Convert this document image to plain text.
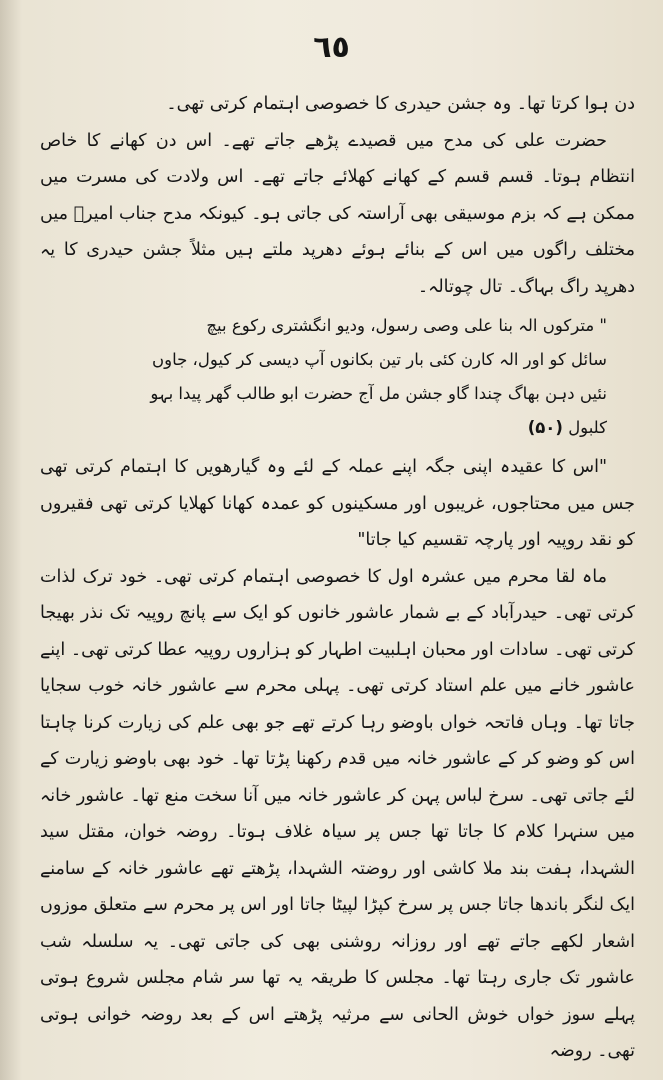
٦٥

دن ہوا کرتا تھا۔ وہ جشن حیدری کا خصوصی اہتمام کرتی تھی۔

حضرت علی کی مدح میں قصیدے پڑھے جاتے تھے۔ اس دن کھانے کا خاص انتظام ہوتا۔ قسم قسم کے کھانے کھلائے جاتے تھے۔ اس ولادت کی مسرت میں ممکن ہے کہ بزم موسیقی بھی آراستہ کی جاتی ہو۔ کیونکہ مدح جناب امیرؑ میں مختلف راگوں میں اس کے بنائے ہوئے دھرپد ملتے ہیں مثلاً جشن حیدری کا یہ دھرپد راگ بہاگ۔ تال چوتالہ۔

" مترکوں الہ بنا علی وصی رسول، ودیو انگشتری رکوع بیچ
سائل کو اور الہ کارن کئی بار تین بکانوں آپ دیسی کر کیول، جاوں
نئیں دہن بھاگ چندا گاو جشن مل آج حضرت ابو طالب گھر پیدا بہو
کلبول (۵۰)

"اس کا عقیدہ اپنی جگہ اپنے عملہ کے لئے وہ گیارھویں کا اہتمام کرتی تھی جس میں محتاجوں، غریبوں اور مسکینوں کو عمدہ کھانا کھلایا کرتی تھی فقیروں کو نقد روپیہ اور پارچہ تقسیم کیا جاتا"

ماہ لقا محرم میں عشرہ اول کا خصوصی اہتمام کرتی تھی۔ خود ترک لذات کرتی تھی۔ حیدرآباد کے بے شمار عاشور خانوں کو ایک سے پانچ روپیہ تک نذر بھیجا کرتی تھی۔ سادات اور محبان اہلبیت اطہار کو ہزاروں روپیہ عطا کرتی تھی۔ اپنے عاشور خانے میں علم استاد کرتی تھی۔ پہلی محرم سے عاشور خانہ خوب سجایا جاتا تھا۔ وہاں فاتحہ خواں باوضو رہا کرتے تھے جو بھی علم کی زیارت کرنا چاہتا اس کو وضو کر کے عاشور خانہ میں قدم رکھنا پڑتا تھا۔ خود بھی باوضو زیارت کے لئے جاتی تھی۔ سرخ لباس پہن کر عاشور خانہ میں آنا سخت منع تھا۔ عاشور خانہ میں سنہرا کلام کا جاتا تھا جس پر سیاہ غلاف ہوتا۔ روضہ خوان، مقتل سید الشہدا، ہفت بند ملا کاشی اور روضتہ الشہدا، پڑھتے تھے عاشور خانہ کے سامنے ایک لنگر باندھا جاتا جس پر سرخ کپڑا لپیٹا جاتا اور اس پر محرم سے متعلق موزوں اشعار لکھے جاتے تھے اور روزانہ روشنی بھی کی جاتی تھی۔ یہ سلسلہ شب عاشور تک جاری رہتا تھا۔ مجلس کا طریقہ یہ تھا سر شام مجلس شروع ہوتی پہلے سوز خواں خوش الحانی سے مرثیہ پڑھتے اس کے بعد روضہ خوانی ہوتی تھی۔ روضہ
